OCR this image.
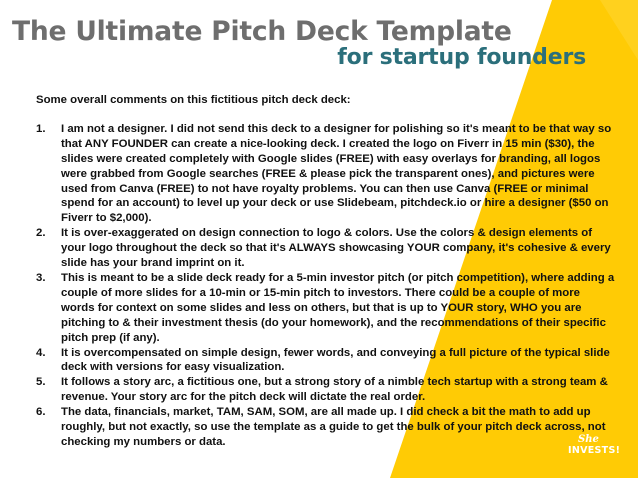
The Ultimate Pitch Deck Template
for startup founders

Some overall comments on this fictitious pitch deck deck:

1.	I am not a designer. I did not send this deck to a designer for polishing so it's meant to be that way so that ANY FOUNDER can create a nice-looking deck. I created the logo on Fiverr in 15 min ($30), the slides were created completely with Google slides (FREE) with easy overlays for branding, all logos were grabbed from Google searches (FREE & please pick the transparent ones), and pictures were used from Canva (FREE) to not have royalty problems. You can then use Canva (FREE or minimal spend for an account) to level up your deck or use Slidebeam, pitchdeck.io or hire a designer ($50 on Fiverr to $2,000).
2.	It is over-exaggerated on design connection to logo & colors. Use the colors & design elements of your logo throughout the deck so that it's ALWAYS showcasing YOUR company, it's cohesive & every slide has your brand imprint on it.
3.	This is meant to be a slide deck ready for a 5-min investor pitch (or pitch competition), where adding a couple of more slides for a 10-min or 15-min pitch to investors. There could be a couple of more words for context on some slides and less on others, but that is up to YOUR story, WHO you are pitching to & their investment thesis (do your homework), and the recommendations of their specific pitch prep (if any).
4.	It is overcompensated on simple design, fewer words, and conveying a full picture of the typical slide deck with versions for easy visualization.
5.	It follows a story arc, a fictitious one, but a strong story of a nimble tech startup with a strong team & revenue. Your story arc for the pitch deck will dictate the real order.
6.	The data, financials, market, TAM, SAM, SOM, are all made up. I did check a bit the math to add up roughly, but not exactly, so use the template as a guide to get the bulk of your pitch deck across, not checking my numbers or data.	She
INVESTS!
